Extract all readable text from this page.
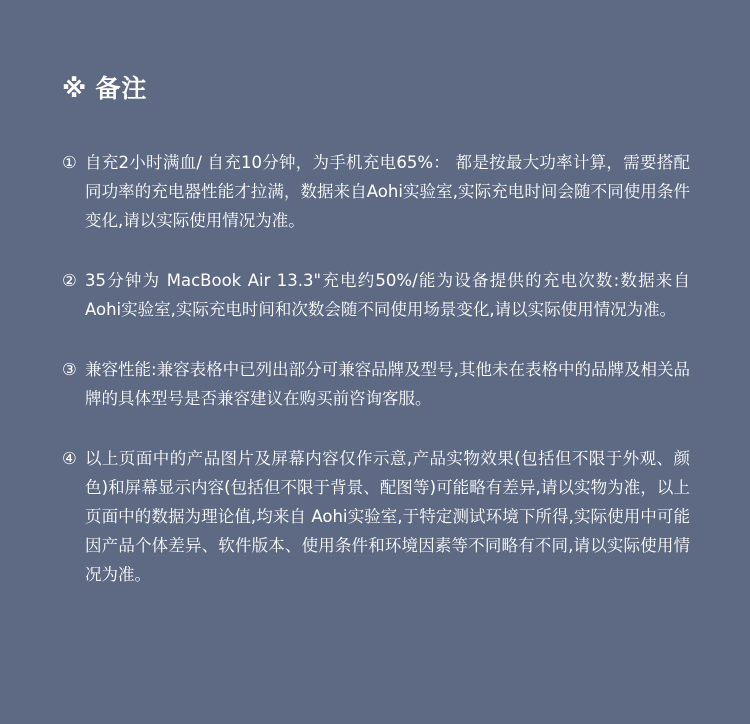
※ 备注
① 自充2小时满血/ 自充10分钟，为手机充电65%： 都是按最大功率计算，需要搭配同功率的充电器性能才拉满，数据来自Aohi实验室,实际充电时间会随不同使用条件变化,请以实际使用情况为准。
② 35分钟为 MacBook Air 13.3"充电约50%/能为设备提供的充电次数:数据来自Aohi实验室,实际充电时间和次数会随不同使用场景变化,请以实际使用情况为准。
③ 兼容性能:兼容表格中已列出部分可兼容品牌及型号,其他未在表格中的品牌及相关品牌的具体型号是否兼容建议在购买前咨询客服。
④ 以上页面中的产品图片及屏幕内容仅作示意,产品实物效果(包括但不限于外观、颜色)和屏幕显示内容(包括但不限于背景、配图等)可能略有差异,请以实物为准，以上页面中的数据为理论值,均来自 Aohi实验室,于特定测试环境下所得,实际使用中可能因产品个体差异、软件版本、使用条件和环境因素等不同略有不同,请以实际使用情况为准。
